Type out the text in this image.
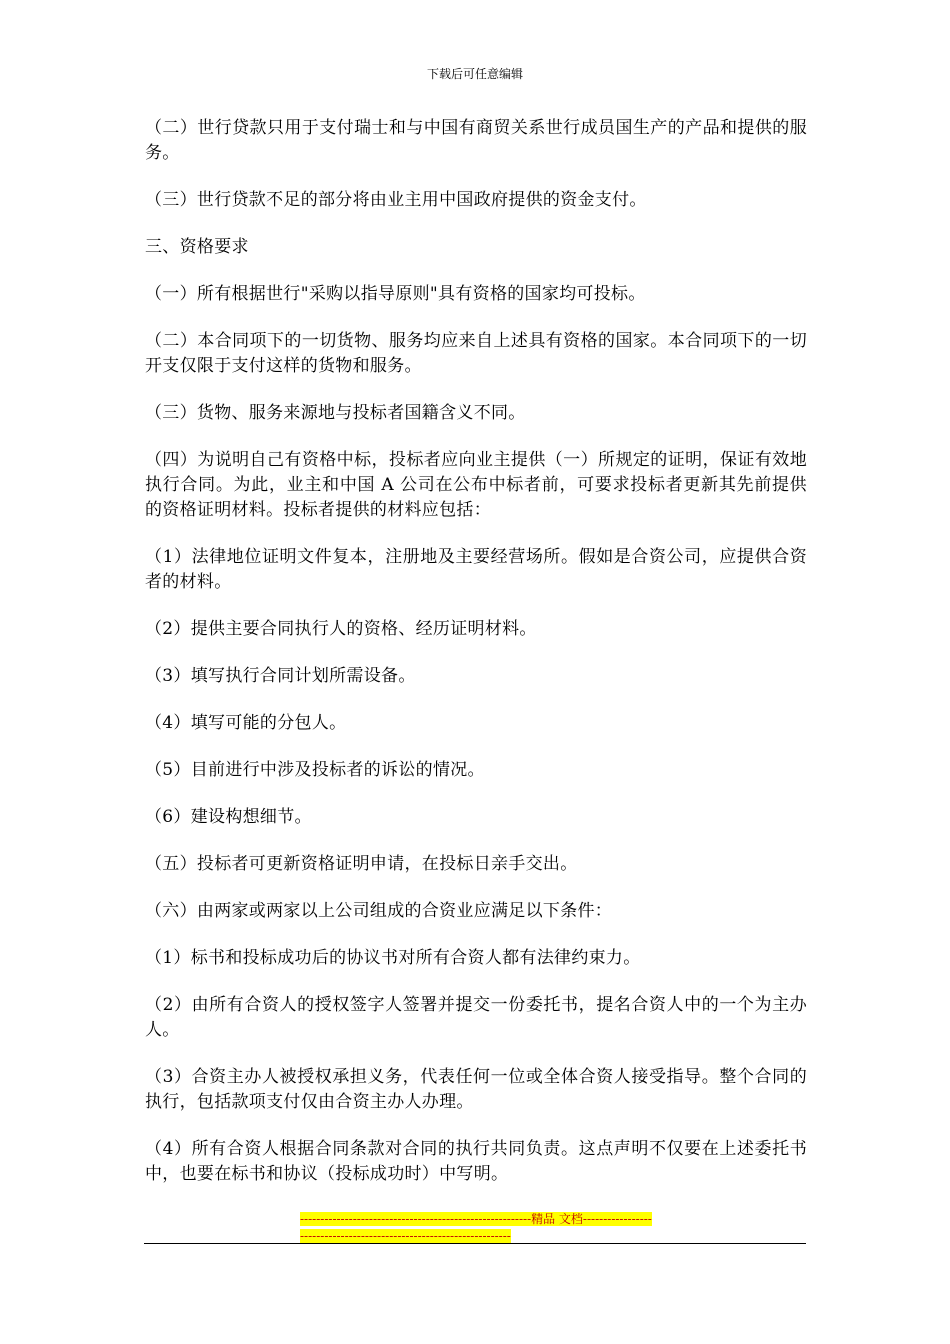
下载后可任意编辑

（二）世行贷款只用于支付瑞士和与中国有商贸关系世行成员国生产的产品和提供的服务。

（三）世行贷款不足的部分将由业主用中国政府提供的资金支付。

三、资格要求

（一）所有根据世行"采购以指导原则"具有资格的国家均可投标。

（二）本合同项下的一切货物、服务均应来自上述具有资格的国家。本合同项下的一切开支仅限于支付这样的货物和服务。

（三）货物、服务来源地与投标者国籍含义不同。

（四）为说明自己有资格中标，投标者应向业主提供（一）所规定的证明，保证有效地执行合同。为此，业主和中国 A 公司在公布中标者前，可要求投标者更新其先前提供的资格证明材料。投标者提供的材料应包括：

（1）法律地位证明文件复本，注册地及主要经营场所。假如是合资公司，应提供合资者的材料。

（2）提供主要合同执行人的资格、经历证明材料。

（3）填写执行合同计划所需设备。

（4）填写可能的分包人。

（5）目前进行中涉及投标者的诉讼的情况。

（6）建设构想细节。

（五）投标者可更新资格证明申请，在投标日亲手交出。

（六）由两家或两家以上公司组成的合资业应满足以下条件：

（1）标书和投标成功后的协议书对所有合资人都有法律约束力。

（2）由所有合资人的授权签字人签署并提交一份委托书，提名合资人中的一个为主办人。

（3）合资主办人被授权承担义务，代表任何一位或全体合资人接受指导。整个合同的执行，包括款项支付仅由合资主办人办理。

（4）所有合资人根据合同条款对合同的执行共同负责。这点声明不仅要在上述委托书中，也要在标书和协议（投标成功时）中写明。

---------------------------------------------------------精品 文档---------------------------------------------------------------------
